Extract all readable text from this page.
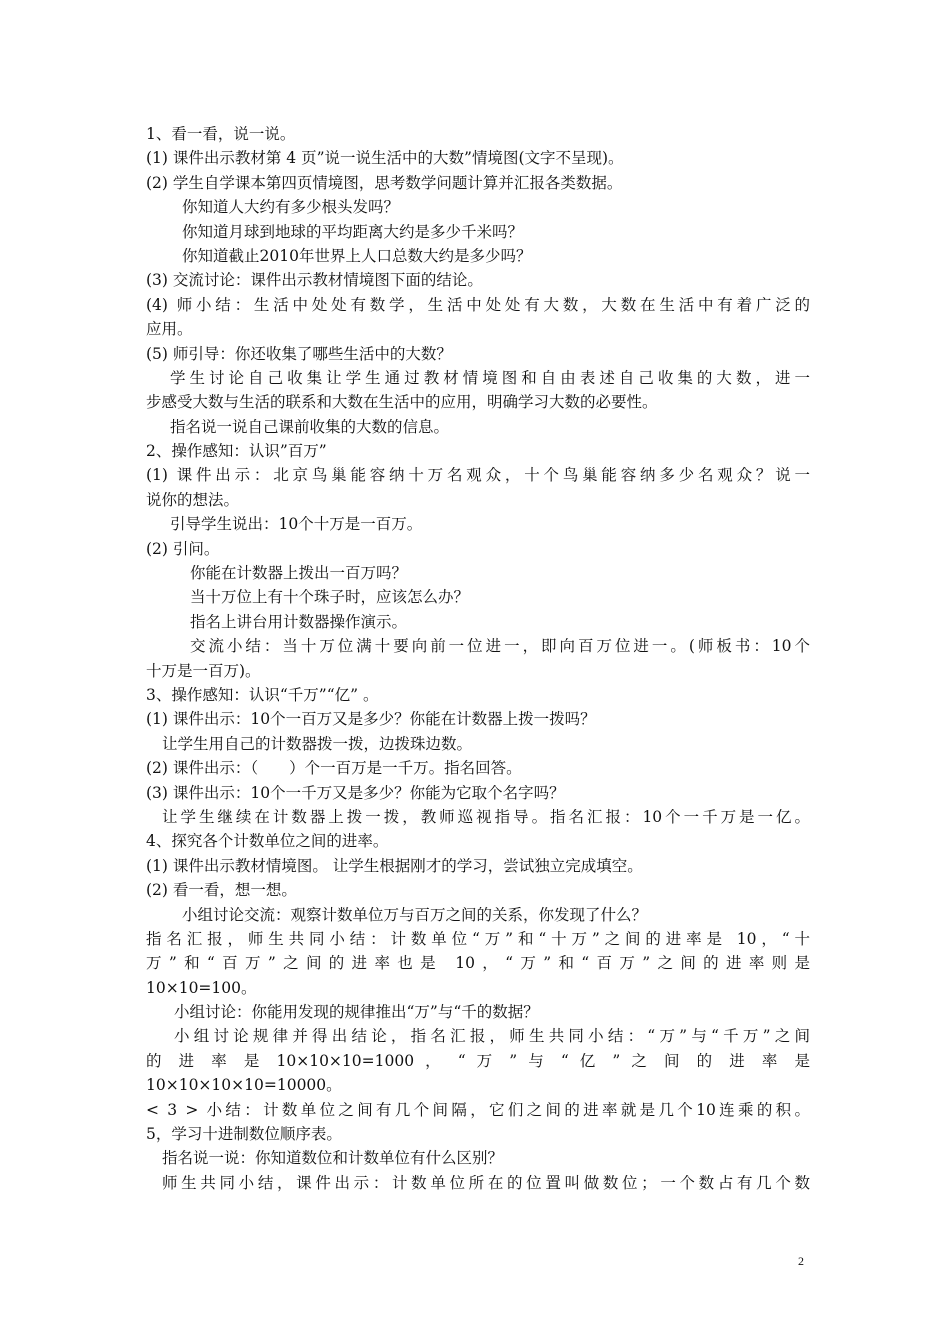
1、看一看，说一说。
(1) 课件出示教材第 4 页”说一说生活中的大数”情境图(文字不呈现)。
(2) 学生自学课本第四页情境图，思考数学问题计算并汇报各类数据。
你知道人大约有多少根头发吗？
你知道月球到地球的平均距离大约是多少千米吗？
你知道截止2010年世界上人口总数大约是多少吗？
(3) 交流讨论：课件出示教材情境图下面的结论。
(4) 师小结：生活中处处有数学，生活中处处有大数，大数在生活中有着广泛的
应用。
(5) 师引导：你还收集了哪些生活中的大数？
学生讨论自己收集让学生通过教材情境图和自由表述自己收集的大数，进一
步感受大数与生活的联系和大数在生活中的应用，明确学习大数的必要性。
指名说一说自己课前收集的大数的信息。
2、操作感知：认识”百万”
(1) 课件出示：北京鸟巢能容纳十万名观众，十个鸟巢能容纳多少名观众？说一
说你的想法。
引导学生说出：10个十万是一百万。
(2) 引问。
你能在计数器上拨出一百万吗？
当十万位上有十个珠子时，应该怎么办？
指名上讲台用计数器操作演示。
交流小结：当十万位满十要向前一位进一，即向百万位进一。(师板书：10个
十万是一百万)。
3、操作感知：认识“千万”“亿” 。
(1) 课件出示：10个一百万又是多少？你能在计数器上拨一拨吗？
让学生用自己的计数器拨一拨，边拨珠边数。
(2) 课件出示：（　　）个一百万是一千万。指名回答。
(3) 课件出示：10个一千万又是多少？你能为它取个名字吗？
让学生继续在计数器上拨一拨，教师巡视指导。指名汇报：10个一千万是一亿。
4、探究各个计数单位之间的进率。
(1) 课件出示教材情境图。 让学生根据刚才的学习，尝试独立完成填空。
(2) 看一看，想一想。
小组讨论交流：观察计数单位万与百万之间的关系，你发现了什么？
指名汇报，师生共同小结：计数单位“万”和“十万”之间的进率是 10，“十
万”和“百万”之间的进率也是 10，“万”和“百万”之间的进率则是
10×10=100。
小组讨论：你能用发现的规律推出“万”与“千的数据？
小组讨论规律并得出结论，指名汇报，师生共同小结：“万”与“千万”之间
的 进 率 是 10×10×10=1000 ， “ 万 ” 与 “ 亿 ” 之 间 的 进 率 是
10×10×10×10=10000。
< 3 > 小结：计数单位之间有几个间隔，它们之间的进率就是几个10连乘的积。
5，学习十进制数位顺序表。
指名说一说：你知道数位和计数单位有什么区别？
师生共同小结，课件出示：计数单位所在的位置叫做数位；一个数占有几个数
2
